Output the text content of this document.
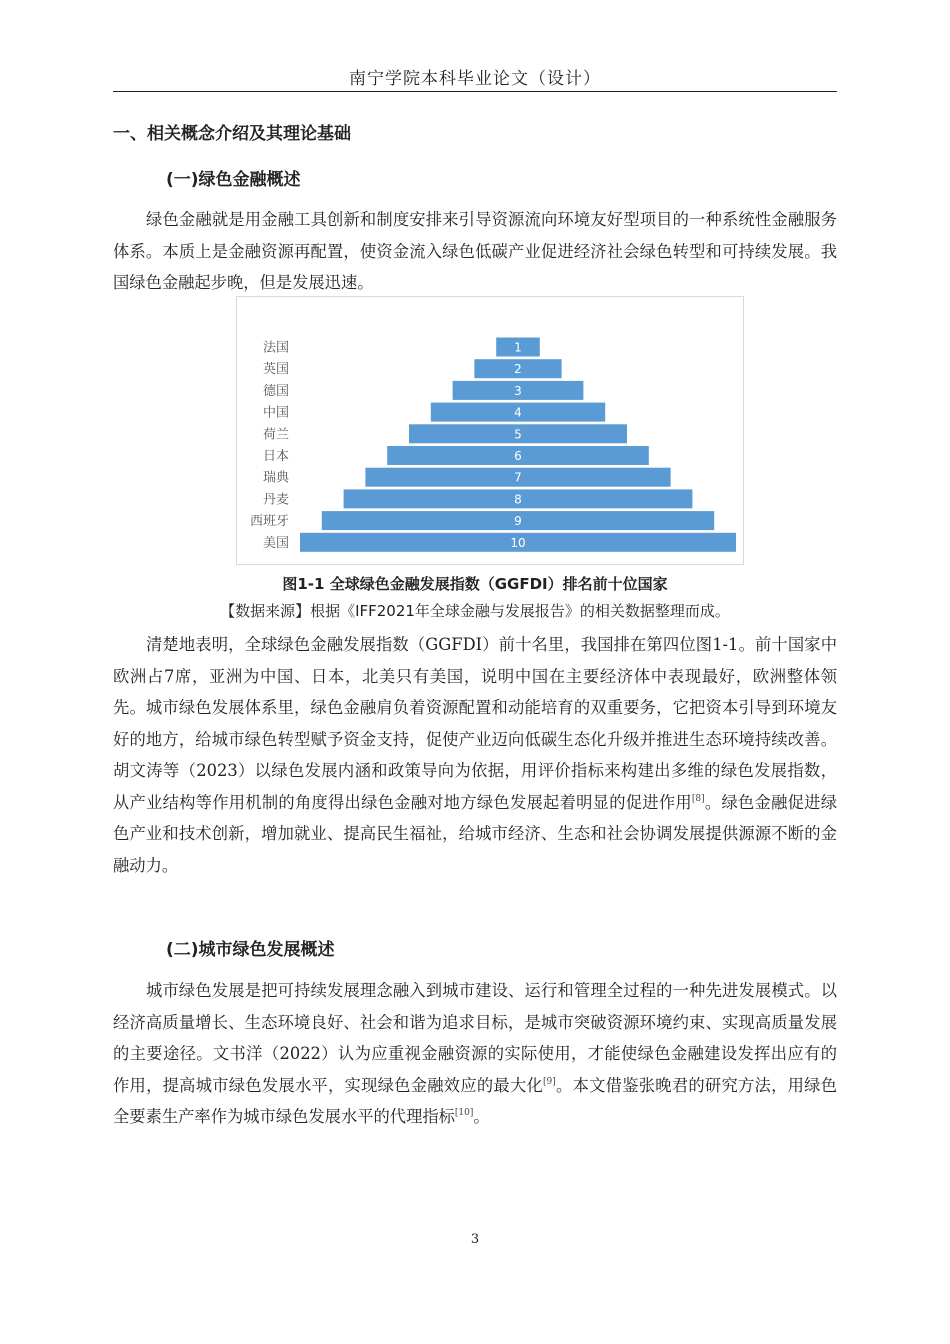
南宁学院本科毕业论文（设计）
一、相关概念介绍及其理论基础
(一)绿色金融概述

绿色金融就是用金融工具创新和制度安排来引导资源流向环境友好型项目的一种系统性金融服务体系。本质上是金融资源再配置，使资金流入绿色低碳产业促进经济社会绿色转型和可持续发展。我国绿色金融起步晚，但是发展迅速。

1
法国
2
英国
3
德国
4
中国
5
荷兰
6
日本
7
瑞典
8
丹麦
9
西班牙
10
美国
图1-1 全球绿色金融发展指数（GGFDI）排名前十位国家
【数据来源】根据《IFF2021年全球金融与发展报告》的相关数据整理而成。

清楚地表明，全球绿色金融发展指数（GGFDI）前十名里，我国排在第四位图1-1。前十国家中欧洲占7席，亚洲为中国、日本，北美只有美国，说明中国在主要经济体中表现最好，欧洲整体领先。城市绿色发展体系里，绿色金融肩负着资源配置和动能培育的双重要务，它把资本引导到环境友好的地方，给城市绿色转型赋予资金支持，促使产业迈向低碳生态化升级并推进生态环境持续改善。胡文涛等（2023）以绿色发展内涵和政策导向为依据，用评价指标来构建出多维的绿色发展指数，从产业结构等作用机制的角度得出绿色金融对地方绿色发展起着明显的促进作用[8]。绿色金融促进绿色产业和技术创新，增加就业、提高民生福祉，给城市经济、生态和社会协调发展提供源源不断的金融动力。

(二)城市绿色发展概述

城市绿色发展是把可持续发展理念融入到城市建设、运行和管理全过程的一种先进发展模式。以经济高质量增长、生态环境良好、社会和谐为追求目标，是城市突破资源环境约束、实现高质量发展的主要途径。文书洋（2022）认为应重视金融资源的实际使用，才能使绿色金融建设发挥出应有的作用，提高城市绿色发展水平，实现绿色金融效应的最大化[9]。本文借鉴张晚君的研究方法，用绿色全要素生产率作为城市绿色发展水平的代理指标[10]。

3
